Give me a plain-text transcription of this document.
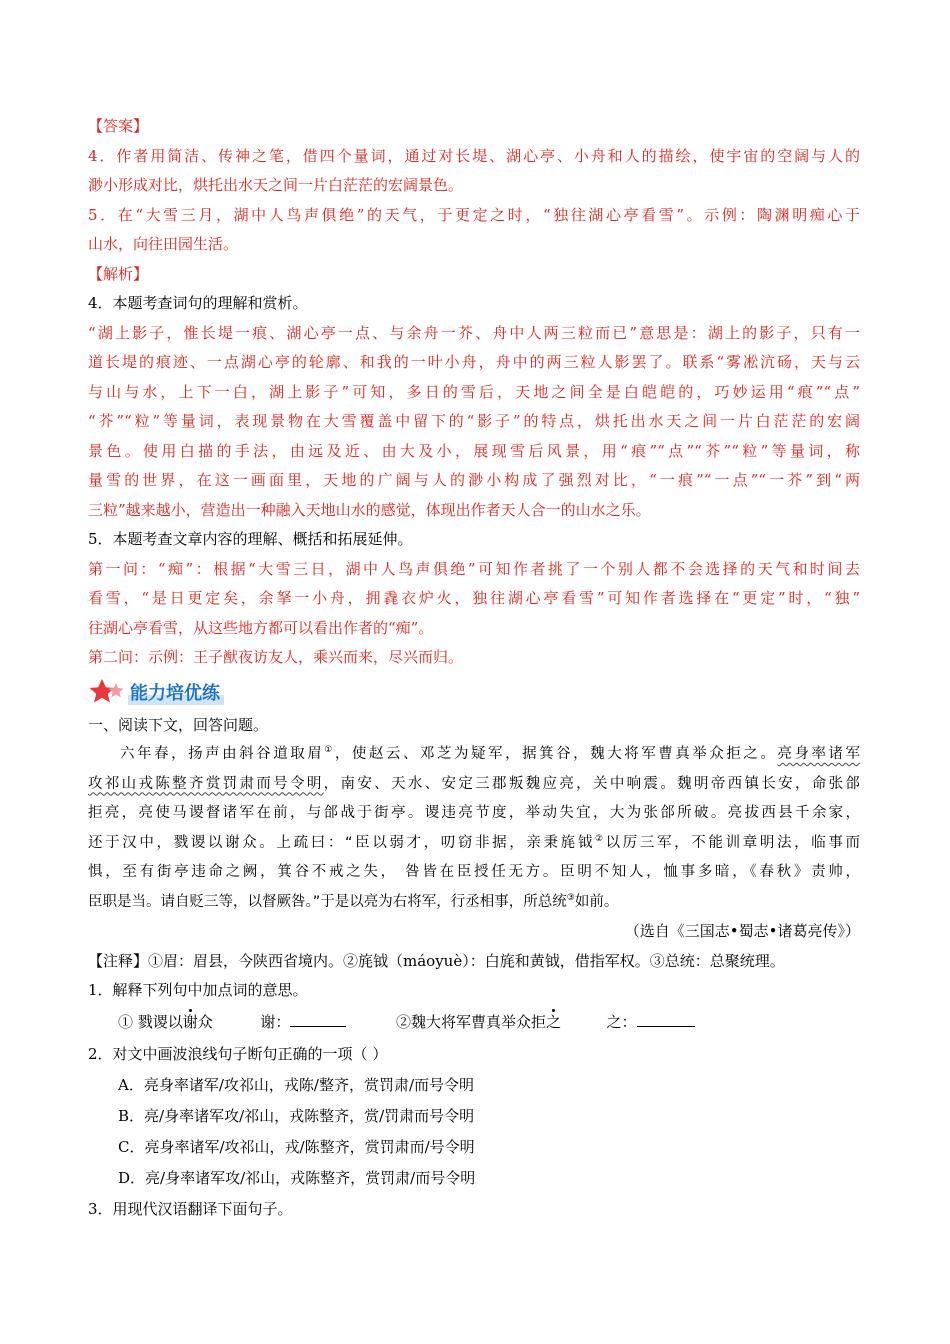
【答案】
4．作者用简洁、传神之笔，借四个量词，通过对长堤、湖心亭、小舟和人的描绘，使宇宙的空阔与人的
渺小形成对比，烘托出水天之间一片白茫茫的宏阔景色。
5．在“大雪三月，湖中人鸟声俱绝”的天气，于更定之时，“独往湖心亭看雪”。示例：陶渊明痴心于
山水，向往田园生活。
【解析】
4．本题考查词句的理解和赏析。
“湖上影子，惟长堤一痕、湖心亭一点、与余舟一芥、舟中人两三粒而已”意思是：湖上的影子，只有一
道长堤的痕迹、一点湖心亭的轮廓、和我的一叶小舟，舟中的两三粒人影罢了。联系“雾凇沆砀，天与云
与山与水，上下一白，湖上影子”可知，多日的雪后，天地之间全是白皑皑的，巧妙运用“痕”“点”
“芥”“粒”等量词，表现景物在大雪覆盖中留下的“影子”的特点，烘托出水天之间一片白茫茫的宏阔
景色。使用白描的手法，由远及近、由大及小，展现雪后风景，用“痕”“点”“芥”“粒”等量词，称
量雪的世界，在这一画面里，天地的广阔与人的渺小构成了强烈对比，“一痕”“一点”“一芥”到“两
三粒”越来越小，营造出一种融入天地山水的感觉，体现出作者天人合一的山水之乐。
5．本题考查文章内容的理解、概括和拓展延伸。
第一问：“痴”：根据“大雪三日，湖中人鸟声俱绝”可知作者挑了一个别人都不会选择的天气和时间去
看雪，“是日更定矣，余拏一小舟，拥毳衣炉火，独往湖心亭看雪”可知作者选择在“更定”时，“独”
往湖心亭看雪，从这些地方都可以看出作者的“痴”。
第二问：示例：王子猷夜访友人，乘兴而来，尽兴而归。
能力培优练
一、阅读下文，回答问题。
六年春，扬声由斜谷道取眉①，使赵云、邓芝为疑军，据箕谷，魏大将军曹真举众拒之。亮身率诸军
攻祁山戎陈整齐赏罚肃而号令明，南安、天水、安定三郡叛魏应亮，关中响震。魏明帝西镇长安，命张郃
拒亮，亮使马谡督诸军在前，与郃战于街亭。谡违亮节度，举动失宜，大为张郃所破。亮拔西县千余家，
还于汉中，戮谡以谢众。上疏曰：“臣以弱才，叨窃非据，亲秉旄钺②以厉三军，不能训章明法，临事而
惧，至有街亭违命之阙，箕谷不戒之失， 咎皆在臣授任无方。臣明不知人，恤事多暗，《春秋》责帅，
臣职是当。请自贬三等，以督厥咎。”于是以亮为右将军，行丞相事，所总统③如前。
（选自《三国志•蜀志•诸葛亮传》）
【注释】①眉：眉县，今陕西省境内。②旄钺（máoyuè）：白旄和黄钺，借指军权。③总统：总聚统理。
1．解释下列句中加点词的意思。
① 戮谡以谢众	谢：	②魏大将军曹真举众拒之	之：
2．对文中画波浪线句子断句正确的一项（ ）
A．亮身率诸军/攻祁山，戎陈/整齐，赏罚肃/而号令明
B．亮/身率诸军攻/祁山，戎陈整齐，赏/罚肃而号令明
C．亮身率诸军/攻祁山，戎/陈整齐，赏罚肃而/号令明
D．亮/身率诸军攻/祁山，戎陈整齐，赏罚肃/而号令明
3．用现代汉语翻译下面句子。
